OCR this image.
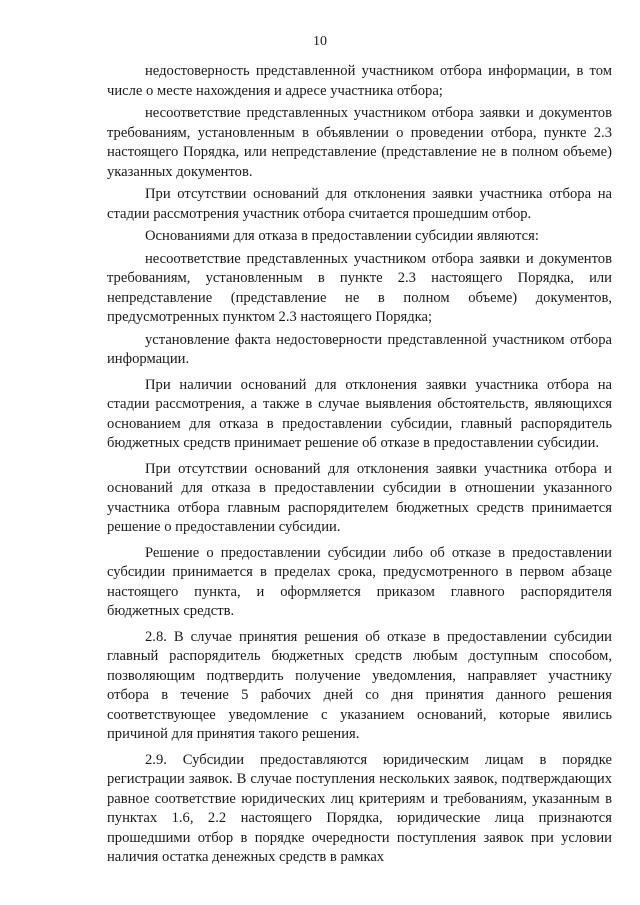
10

недостоверность представленной участником отбора информации, в том числе о месте нахождения и адресе участника отбора;

несоответствие представленных участником отбора заявки и документов требованиям, установленным в объявлении о проведении отбора, пункте 2.3 настоящего Порядка, или непредставление (представление не в полном объеме) указанных документов.

При отсутствии оснований для отклонения заявки участника отбора на стадии рассмотрения участник отбора считается прошедшим отбор.

Основаниями для отказа в предоставлении субсидии являются:

несоответствие представленных участником отбора заявки и документов требованиям, установленным в пункте 2.3 настоящего Порядка, или непредставление (представление не в полном объеме) документов, предусмотренных пунктом 2.3 настоящего Порядка;

установление факта недостоверности представленной участником отбора информации.

При наличии оснований для отклонения заявки участника отбора на стадии рассмотрения, а также в случае выявления обстоятельств, являющихся основанием для отказа в предоставлении субсидии, главный распорядитель бюджетных средств принимает решение об отказе в предоставлении субсидии.

При отсутствии оснований для отклонения заявки участника отбора и оснований для отказа в предоставлении субсидии в отношении указанного участника отбора главным распорядителем бюджетных средств принимается решение о предоставлении субсидии.

Решение о предоставлении субсидии либо об отказе в предоставлении субсидии принимается в пределах срока, предусмотренного в первом абзаце настоящего пункта, и оформляется приказом главного распорядителя бюджетных средств.

2.8. В случае принятия решения об отказе в предоставлении субсидии главный распорядитель бюджетных средств любым доступным способом, позволяющим подтвердить получение уведомления, направляет участнику отбора в течение 5 рабочих дней со дня принятия данного решения соответствующее уведомление с указанием оснований, которые явились причиной для принятия такого решения.

2.9. Субсидии предоставляются юридическим лицам в порядке регистрации заявок. В случае поступления нескольких заявок, подтверждающих равное соответствие юридических лиц критериям и требованиям, указанным в пунктах 1.6, 2.2 настоящего Порядка, юридические лица признаются прошедшими отбор в порядке очередности поступления заявок при условии наличия остатка денежных средств в рамках
